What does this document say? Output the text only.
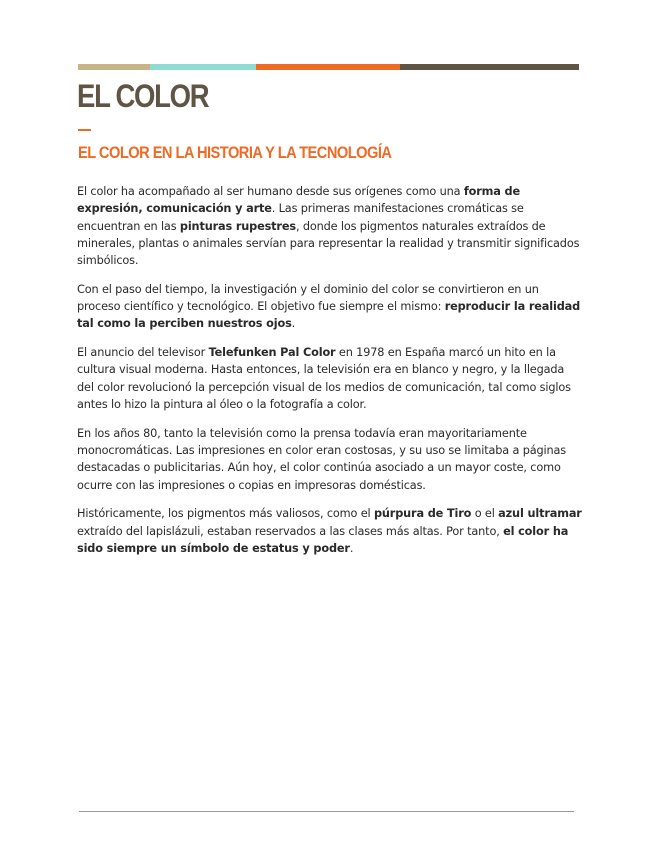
EL COLOR
EL COLOR EN LA HISTORIA Y LA TECNOLOGÍA

El color ha acompañado al ser humano desde sus orígenes como una forma de expresión, comunicación y arte. Las primeras manifestaciones cromáticas se encuentran en las pinturas rupestres, donde los pigmentos naturales extraídos de minerales, plantas o animales servían para representar la realidad y transmitir significados simbólicos.

Con el paso del tiempo, la investigación y el dominio del color se convirtieron en un proceso científico y tecnológico. El objetivo fue siempre el mismo: reproducir la realidad tal como la perciben nuestros ojos.

El anuncio del televisor Telefunken Pal Color en 1978 en España marcó un hito en la cultura visual moderna. Hasta entonces, la televisión era en blanco y negro, y la llegada del color revolucionó la percepción visual de los medios de comunicación, tal como siglos antes lo hizo la pintura al óleo o la fotografía a color.

En los años 80, tanto la televisión como la prensa todavía eran mayoritariamente monocromáticas. Las impresiones en color eran costosas, y su uso se limitaba a páginas destacadas o publicitarias. Aún hoy, el color continúa asociado a un mayor coste, como ocurre con las impresiones o copias en impresoras domésticas.

Históricamente, los pigmentos más valiosos, como el púrpura de Tiro o el azul ultramar extraído del lapislázuli, estaban reservados a las clases más altas. Por tanto, el color ha sido siempre un símbolo de estatus y poder.
